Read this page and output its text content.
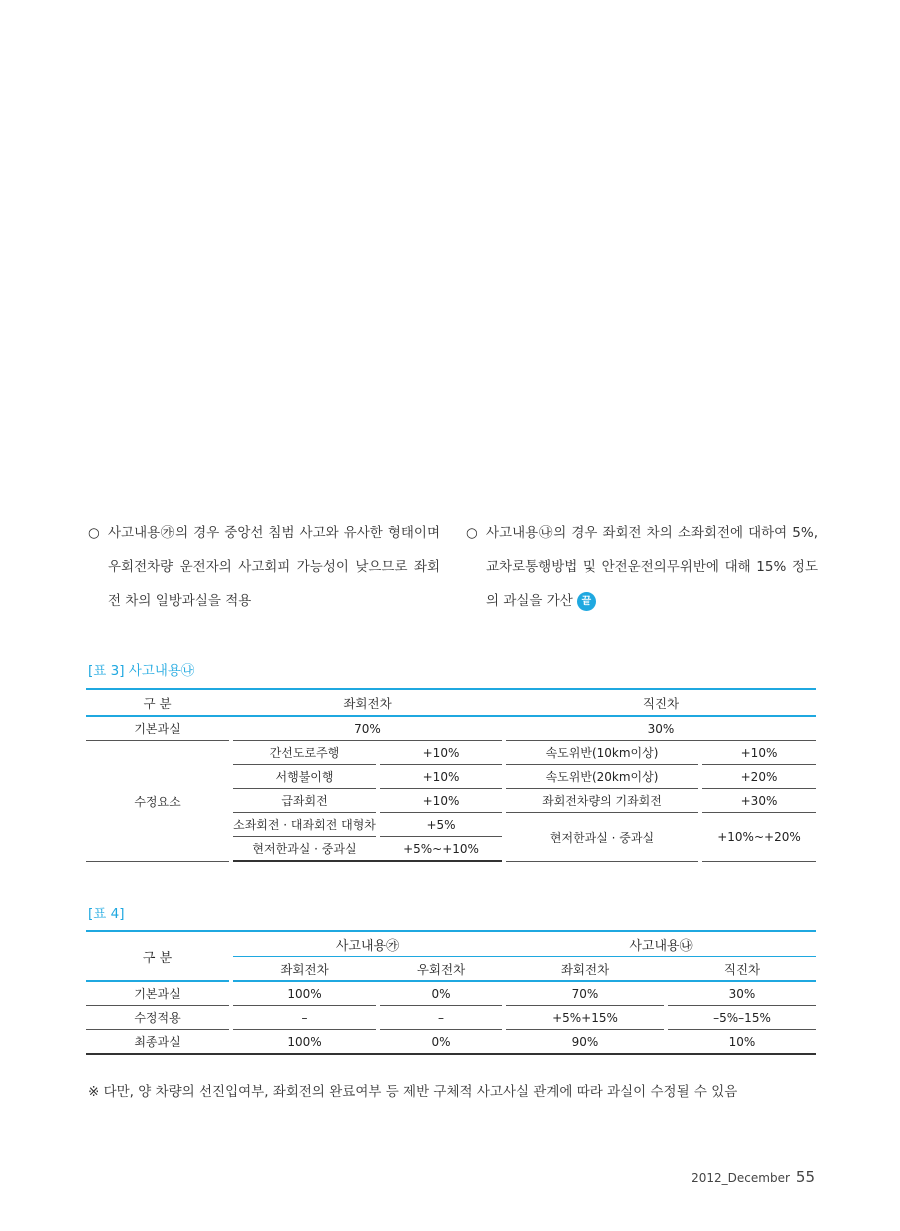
○ 사고내용㉮의 경우 중앙선 침범 사고와 유사한 형태이며 우회전차량 운전자의 사고회피 가능성이 낮으므로 좌회전 차의 일방과실을 적용
○ 사고내용㉯의 경우 좌회전 차의 소좌회전에 대하여 5%, 교차로통행방법 및 안전운전의무위반에 대해 15% 정도의 과실을 가산 끝
[표 3] 사고내용㉯
구 분		좌회전차				직진차		
기본과실		70%				30%		
수정요소		간선도로주행		+10%		속도위반(10km이상)		+10%
		서행불이행		+10%		속도위반(20km이상)		+20%
		급좌회전		+10%		좌회전차량의 기좌회전		+30%
		소좌회전 · 대좌회전 대형차		+5%		현저한과실 · 중과실		+10%~+20%
		현저한과실 · 중과실		+5%~+10%				
[표 4]
구 분		사고내용㉮				사고내용㉯		
		좌회전차		우회전차		좌회전차		직진차
기본과실		100%		0%		70%		30%
수정적용		–		–		+5%+15%		–5%–15%
최종과실		100%		0%		90%		10%
※ 다만, 양 차량의 선진입여부, 좌회전의 완료여부 등 제반 구체적 사고사실 관계에 따라 과실이 수정될 수 있음
2012_December 55
